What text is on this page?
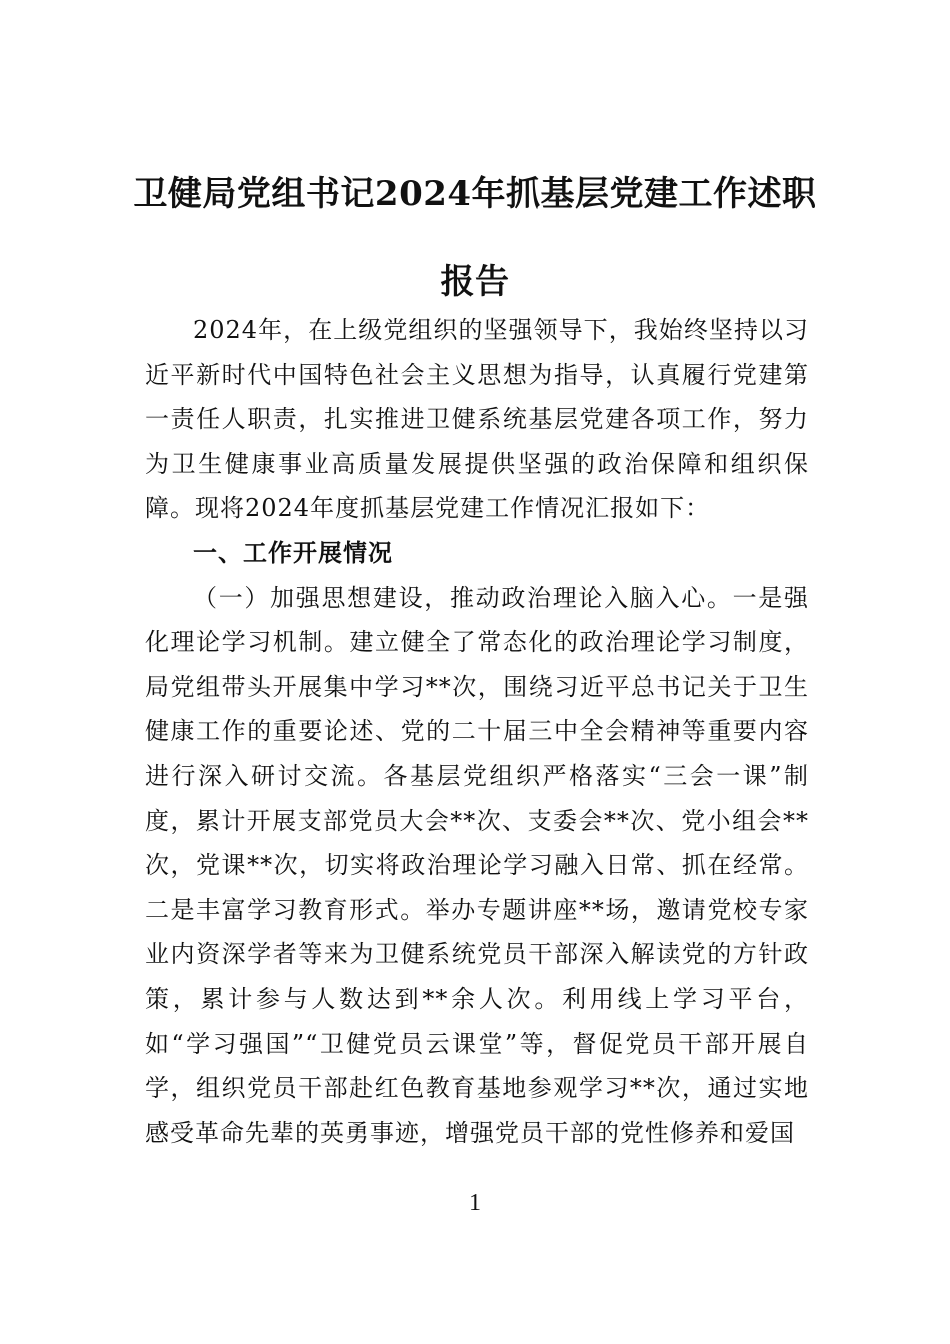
卫健局党组书记2024年抓基层党建工作述职报告

2024年，在上级党组织的坚强领导下，我始终坚持以习近平新时代中国特色社会主义思想为指导，认真履行党建第一责任人职责，扎实推进卫健系统基层党建各项工作，努力为卫生健康事业高质量发展提供坚强的政治保障和组织保障。现将2024年度抓基层党建工作情况汇报如下：

一、工作开展情况

（一）加强思想建设，推动政治理论入脑入心。一是强化理论学习机制。建立健全了常态化的政治理论学习制度，局党组带头开展集中学习**次，围绕习近平总书记关于卫生健康工作的重要论述、党的二十届三中全会精神等重要内容进行深入研讨交流。各基层党组织严格落实“三会一课”制度，累计开展支部党员大会**次、支委会**次、党小组会**次，党课**次，切实将政治理论学习融入日常、抓在经常。二是丰富学习教育形式。举办专题讲座**场，邀请党校专家业内资深学者等来为卫健系统党员干部深入解读党的方针政策，累计参与人数达到**余人次。利用线上学习平台，如“学习强国”“卫健党员云课堂”等，督促党员干部开展自学，组织党员干部赴红色教育基地参观学习**次，通过实地感受革命先辈的英勇事迹，增强党员干部的党性修养和爱国

1
